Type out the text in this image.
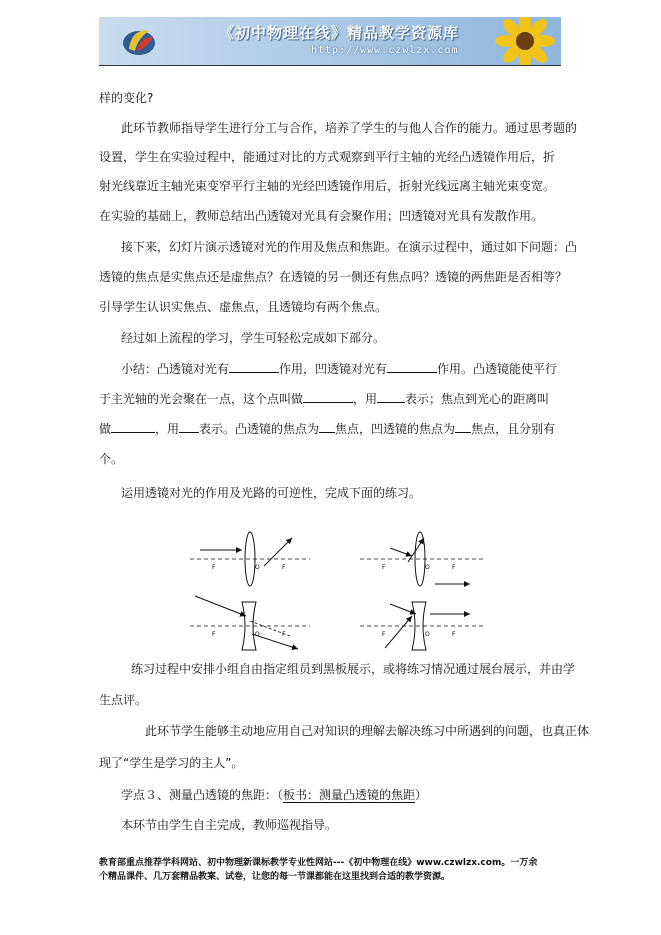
《初中物理在线》精品教学资源库
http://www.czwlzx.com
样的变化?
此环节教师指导学生进行分工与合作，培养了学生的与他人合作的能力。通过思考题的
设置，学生在实验过程中，能通过对比的方式观察到平行主轴的光经凸透镜作用后，折
射光线靠近主轴光束变窄平行主轴的光经凹透镜作用后，折射光线远离主轴光束变宽。
在实验的基础上，教师总结出凸透镜对光具有会聚作用；凹透镜对光具有发散作用。
接下来，幻灯片演示透镜对光的作用及焦点和焦距。在演示过程中，通过如下问题：凸
透镜的焦点是实焦点还是虚焦点？在透镜的另一侧还有焦点吗？透镜的两焦距是否相等？
引导学生认识实焦点、虚焦点，且透镜均有两个焦点。
经过如上流程的学习，学生可轻松完成如下部分。
小结：凸透镜对光有	作用，凹透镜对光有	作用。凸透镜能使平行
于主光轴的光会聚在一点，这个点叫做	，用 表示；焦点到光心的距离叫
做	，用 表示。凸透镜的焦点为 焦点，凹透镜的焦点为 焦点，且分别有
个。
运用透镜对光的作用及光路的可逆性，完成下面的练习。
F	O	F	F	O	F
F	O	F	F	O	F
练习过程中安排小组自由指定组员到黑板展示，或将练习情况通过展台展示，并由学
生点评。
此环节学生能够主动地应用自己对知识的理解去解决练习中所遇到的问题，也真正体
现了“学生是学习的主人”。
学点３、测量凸透镜的焦距：（板书：测量凸透镜的焦距）
本环节由学生自主完成，教师巡视指导。
教育部重点推荐学科网站、初中物理新课标教学专业性网站---《初中物理在线》www.czwlzx.com。一万余
个精品课件、几万套精品教案、试卷，让您的每一节课都能在这里找到合适的教学资源。
